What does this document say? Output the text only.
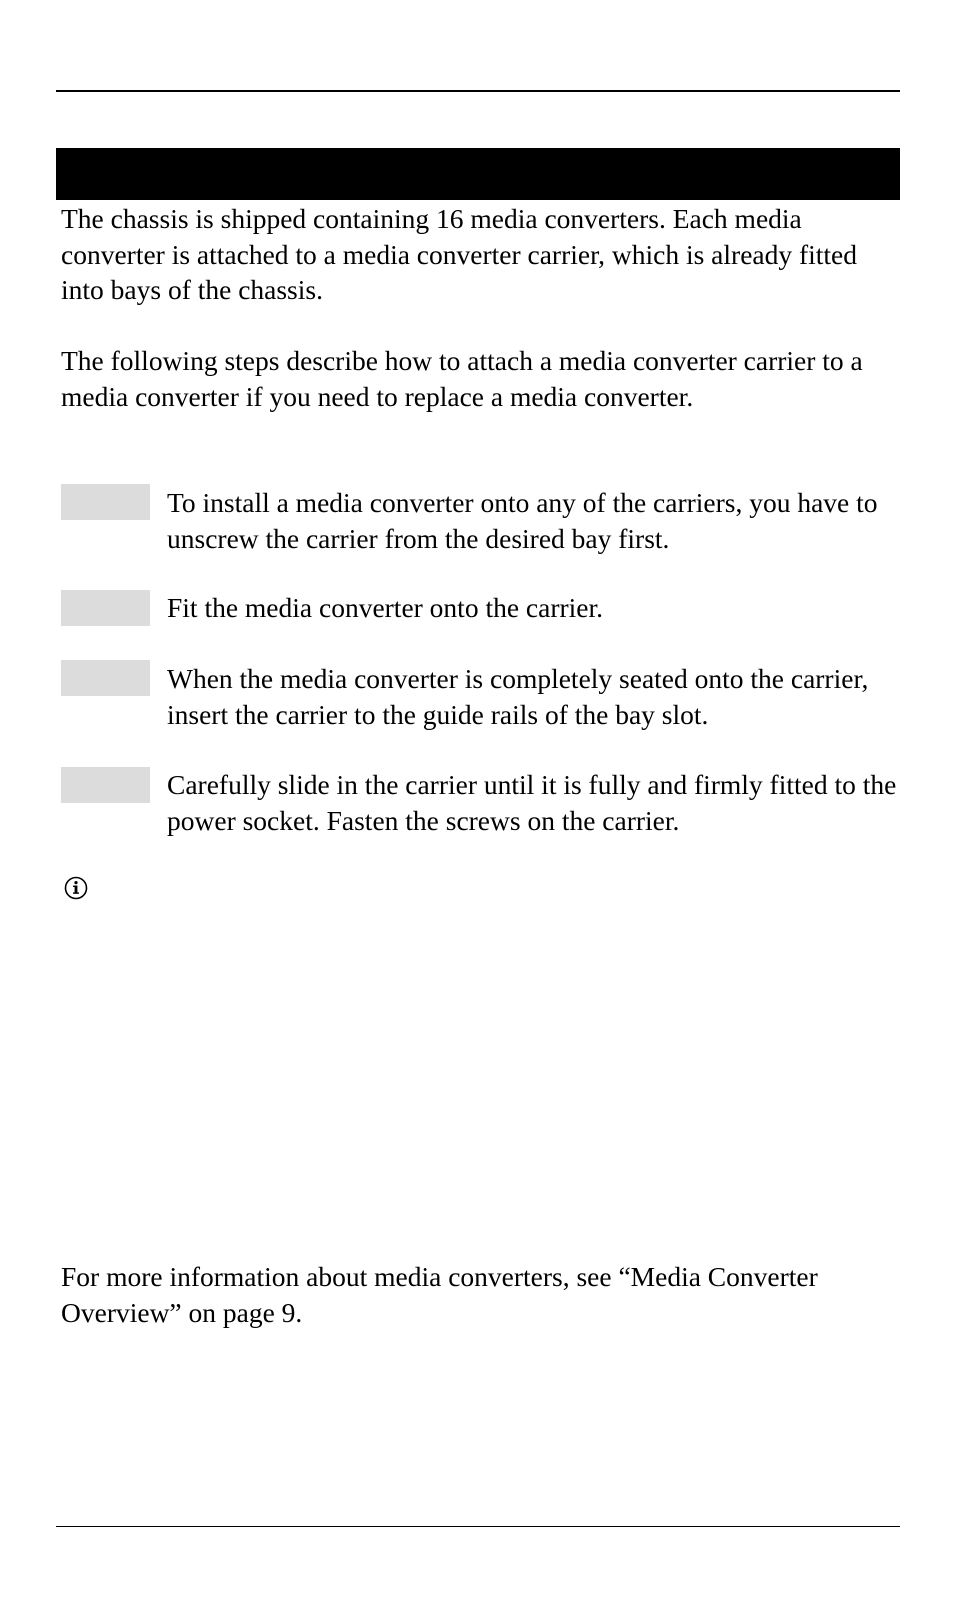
The chassis is shipped containing 16 media converters. Each media converter is attached to a media converter carrier, which is already fitted into bays of the chassis.

The following steps describe how to attach a media converter carrier to a media converter if you need to replace a media converter.

To install a media converter onto any of the carriers, you have to unscrew the carrier from the desired bay first.

Fit the media converter onto the carrier.

When the media converter is completely seated onto the carrier, insert the carrier to the guide rails of the bay slot.

Carefully slide in the carrier until it is fully and firmly fitted to the power socket. Fasten the screws on the carrier.

For more information about media converters, see “Media Converter Overview” on page 9.
